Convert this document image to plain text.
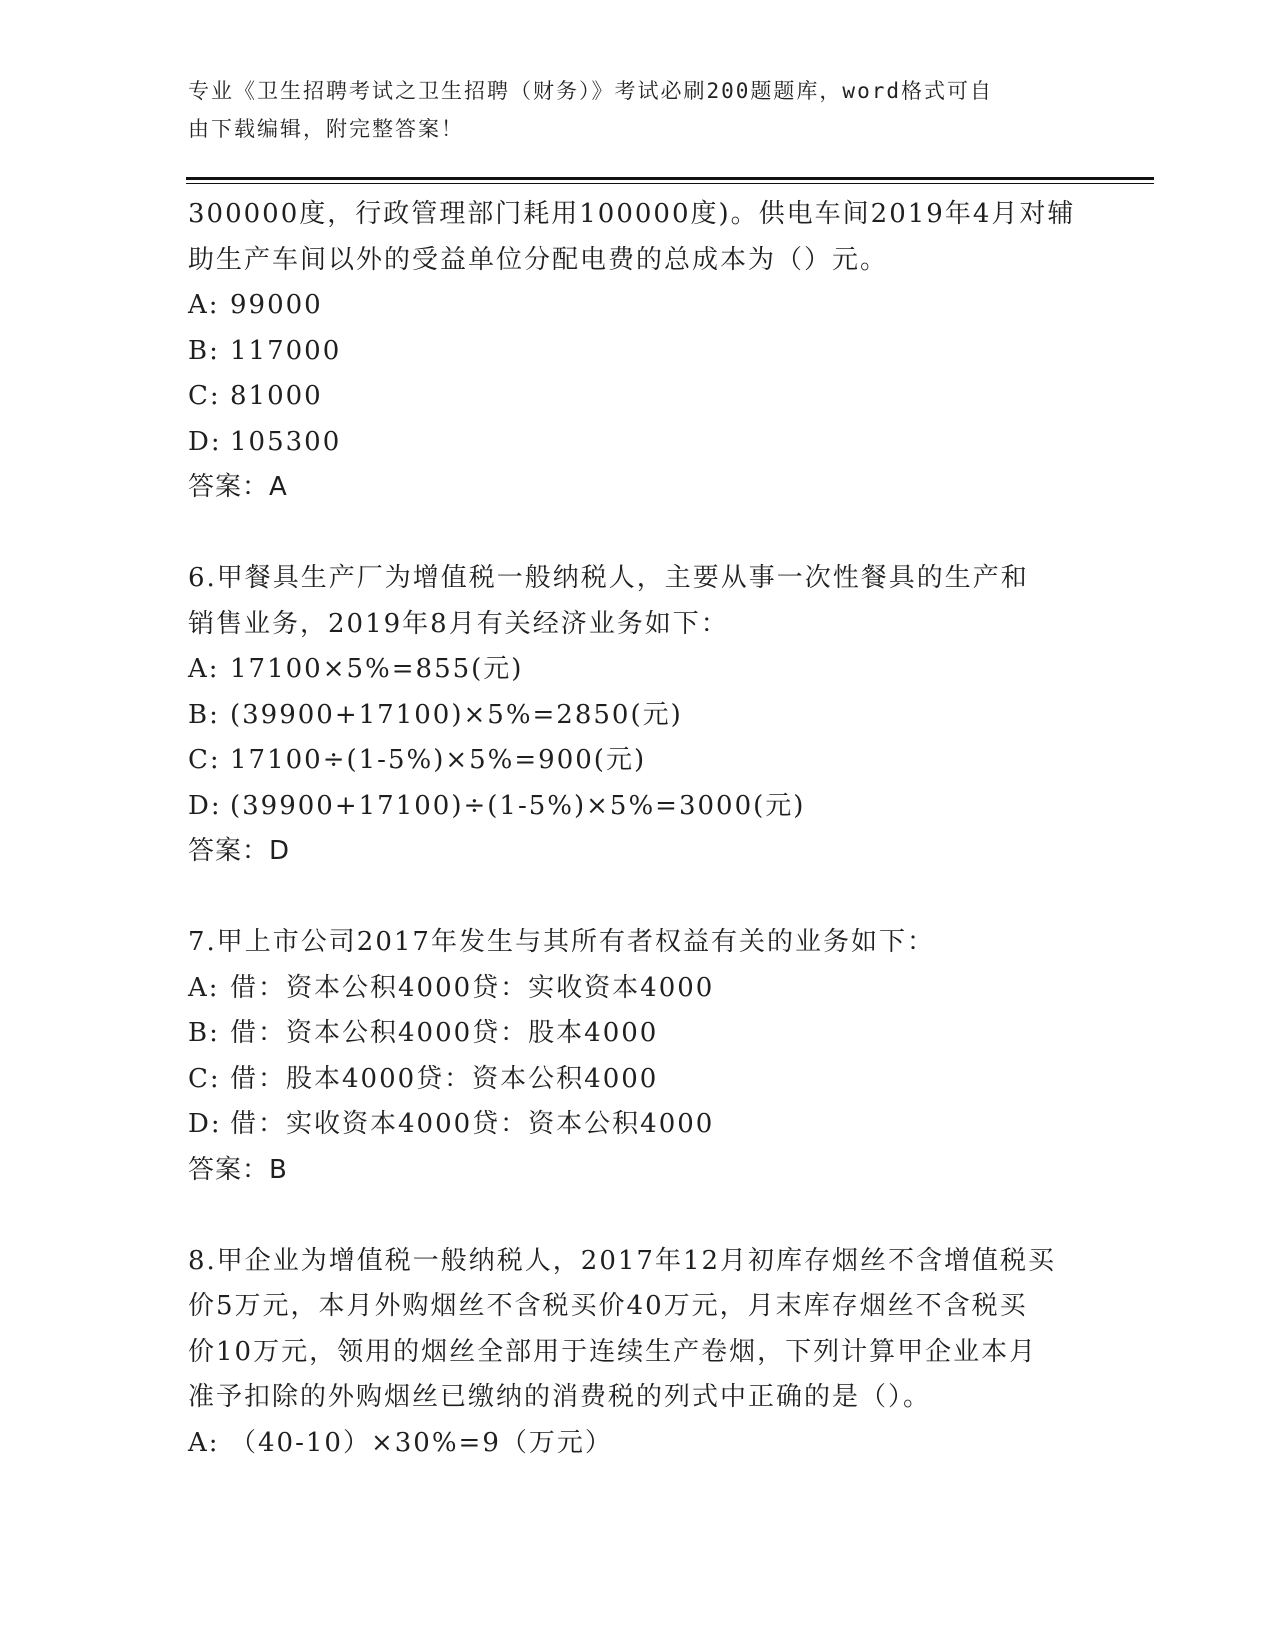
专业《卫生招聘考试之卫生招聘（财务）》考试必刷200题题库，word格式可自
由下载编辑，附完整答案！
300000度，行政管理部门耗用100000度)。供电车间2019年4月对辅
助生产车间以外的受益单位分配电费的总成本为（）元。
A: 99000
B: 117000
C: 81000
D: 105300
答案：A
6.甲餐具生产厂为增值税一般纳税人，主要从事一次性餐具的生产和
销售业务，2019年8月有关经济业务如下：
A: 17100×5%=855(元)
B: (39900+17100)×5%=2850(元)
C: 17100÷(1-5%)×5%=900(元)
D: (39900+17100)÷(1-5%)×5%=3000(元)
答案：D
7.甲上市公司2017年发生与其所有者权益有关的业务如下：
A: 借：资本公积4000贷：实收资本4000
B: 借：资本公积4000贷：股本4000
C: 借：股本4000贷：资本公积4000
D: 借：实收资本4000贷：资本公积4000
答案：B
8.甲企业为增值税一般纳税人，2017年12月初库存烟丝不含增值税买
价5万元，本月外购烟丝不含税买价40万元，月末库存烟丝不含税买
价10万元，领用的烟丝全部用于连续生产卷烟，下列计算甲企业本月
准予扣除的外购烟丝已缴纳的消费税的列式中正确的是（）。
A: （40-10）×30%=9（万元）
